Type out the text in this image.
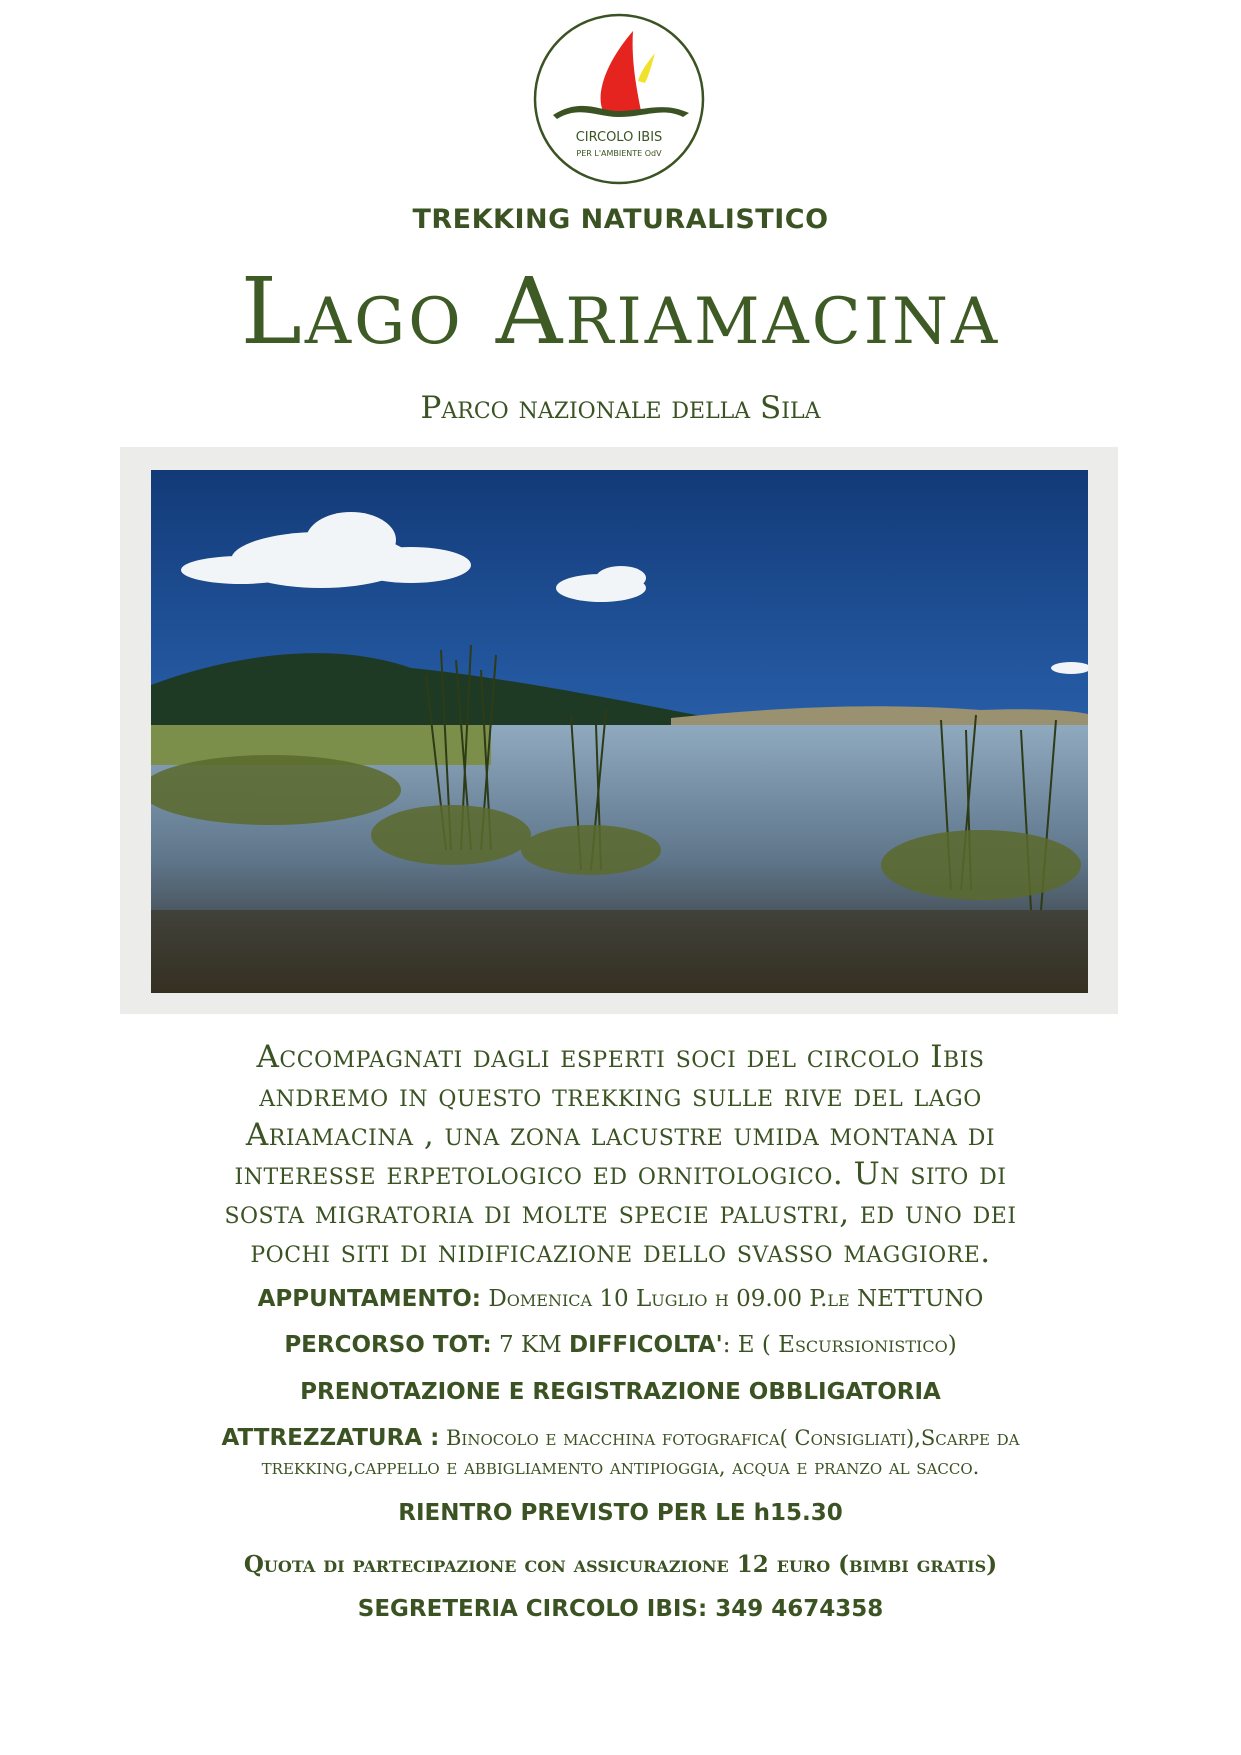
CIRCOLO IBIS
PER L'AMBIENTE OdV
TREKKING NATURALISTICO
Lago Ariamacina
Parco nazionale della Sila
Accompagnati dagli esperti soci del circolo Ibis
andremo in questo trekking sulle rive del lago
Ariamacina , una zona lacustre umida montana di
interesse erpetologico ed ornitologico. Un sito di
sosta migratoria di molte specie palustri, ed uno dei
pochi siti di nidificazione dello svasso maggiore.
APPUNTAMENTO: Domenica 10 Luglio h 09.00 P.le NETTUNO
PERCORSO TOT: 7 KM DIFFICOLTA': E ( Escursionistico)
PRENOTAZIONE E REGISTRAZIONE OBBLIGATORIA
ATTREZZATURA : Binocolo e macchina fotografica( Consigliati),Scarpe da
trekking,cappello e abbigliamento antipioggia, acqua e pranzo al sacco.
RIENTRO PREVISTO PER LE h15.30
Quota di partecipazione con assicurazione 12 euro (bimbi gratis)
SEGRETERIA CIRCOLO IBIS: 349 4674358
